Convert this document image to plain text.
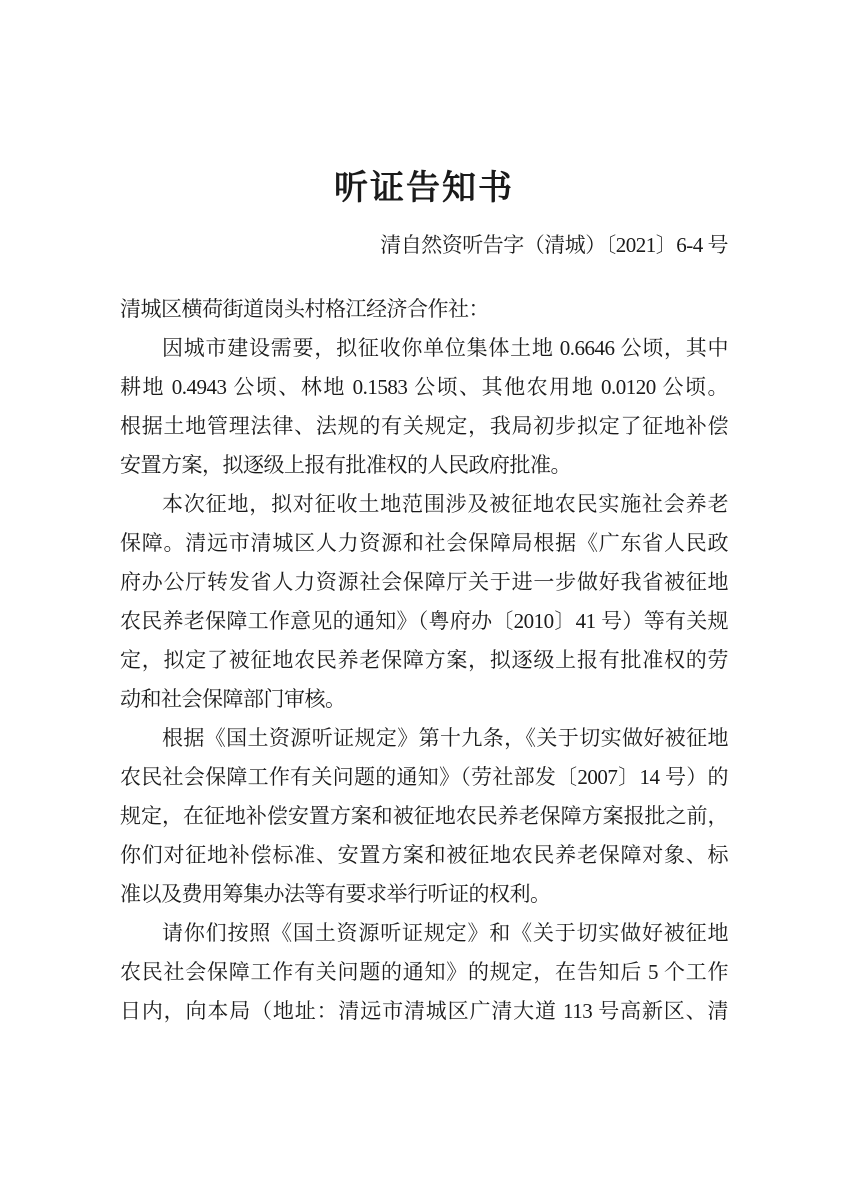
听证告知书
清自然资听告字（清城）〔2021〕6-4 号
清城区横荷街道岗头村格江经济合作社：
因城市建设需要，拟征收你单位集体土地 0.6646 公顷，其中
耕地 0.4943 公顷、林地 0.1583 公顷、其他农用地 0.0120 公顷。
根据土地管理法律、法规的有关规定，我局初步拟定了征地补偿
安置方案，拟逐级上报有批准权的人民政府批准。
本次征地，拟对征收土地范围涉及被征地农民实施社会养老
保障。清远市清城区人力资源和社会保障局根据《广东省人民政
府办公厅转发省人力资源社会保障厅关于进一步做好我省被征地
农民养老保障工作意见的通知》（粤府办〔2010〕41 号）等有关规
定，拟定了被征地农民养老保障方案，拟逐级上报有批准权的劳
动和社会保障部门审核。
根据《国土资源听证规定》第十九条，《关于切实做好被征地
农民社会保障工作有关问题的通知》（劳社部发〔2007〕14 号）的
规定，在征地补偿安置方案和被征地农民养老保障方案报批之前，
你们对征地补偿标准、安置方案和被征地农民养老保障对象、标
准以及费用筹集办法等有要求举行听证的权利。
请你们按照《国土资源听证规定》和《关于切实做好被征地
农民社会保障工作有关问题的通知》的规定，在告知后 5 个工作
日内，向本局（地址：清远市清城区广清大道 113 号高新区、清
